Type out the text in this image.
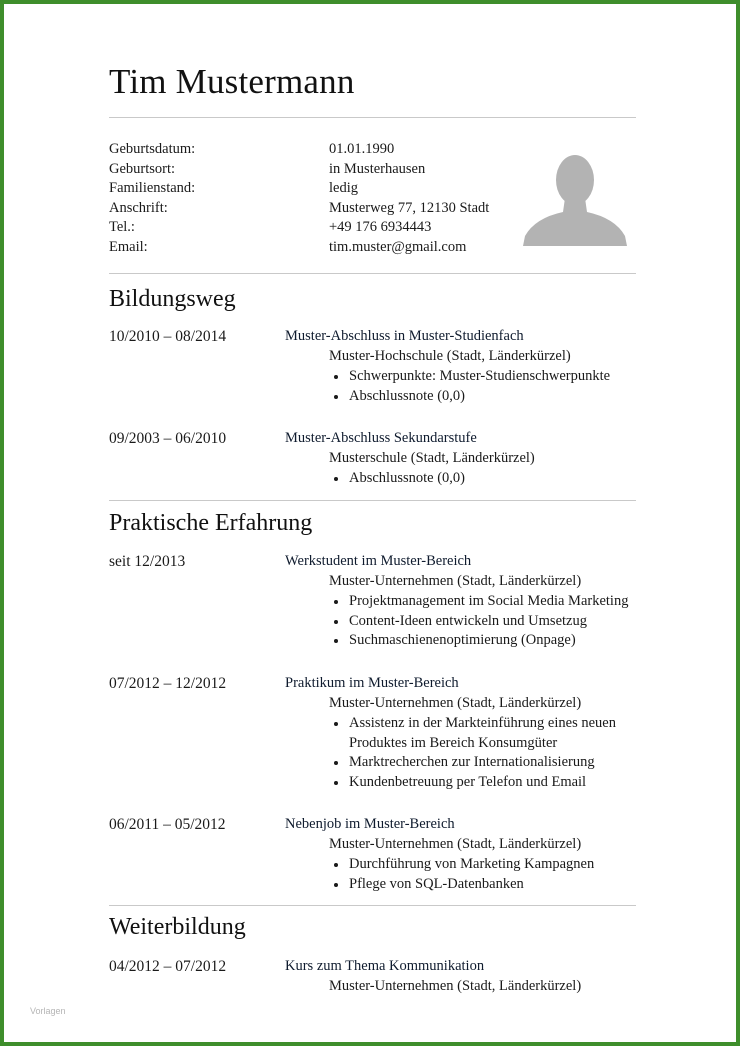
Tim Mustermann
Geburtsdatum:	01.01.1990
Geburtsort:	in Musterhausen
Familienstand:	ledig
Anschrift:	Musterweg 77, 12130 Stadt
Tel.:	+49 176 6934443
Email:	tim.muster@gmail.com
Bildungsweg
10/2010 – 08/2014	Muster-Abschluss in Muster-Studienfach
Muster-Hochschule (Stadt, Länderkürzel)
Schwerpunkte: Muster-Studienschwerpunkte
Abschlussnote (0,0)
09/2003 – 06/2010	Muster-Abschluss Sekundarstufe
Musterschule (Stadt, Länderkürzel)
Abschlussnote (0,0)
Praktische Erfahrung
seit 12/2013	Werkstudent im Muster-Bereich
Muster-Unternehmen (Stadt, Länderkürzel)
Projektmanagement im Social Media Marketing
Content-Ideen entwickeln und Umsetzug
Suchmaschienenoptimierung (Onpage)
07/2012 – 12/2012	Praktikum im Muster-Bereich
Muster-Unternehmen (Stadt, Länderkürzel)
Assistenz in der Markteinführung eines neuen Produktes im Bereich Konsumgüter
Marktrecherchen zur Internationalisierung
Kundenbetreuung per Telefon und Email
06/2011 – 05/2012	Nebenjob im Muster-Bereich
Muster-Unternehmen (Stadt, Länderkürzel)
Durchführung von Marketing Kampagnen
Pflege von SQL-Datenbanken
Weiterbildung
04/2012 – 07/2012	Kurs zum Thema Kommunikation
Muster-Unternehmen (Stadt, Länderkürzel)
Vorlagen
